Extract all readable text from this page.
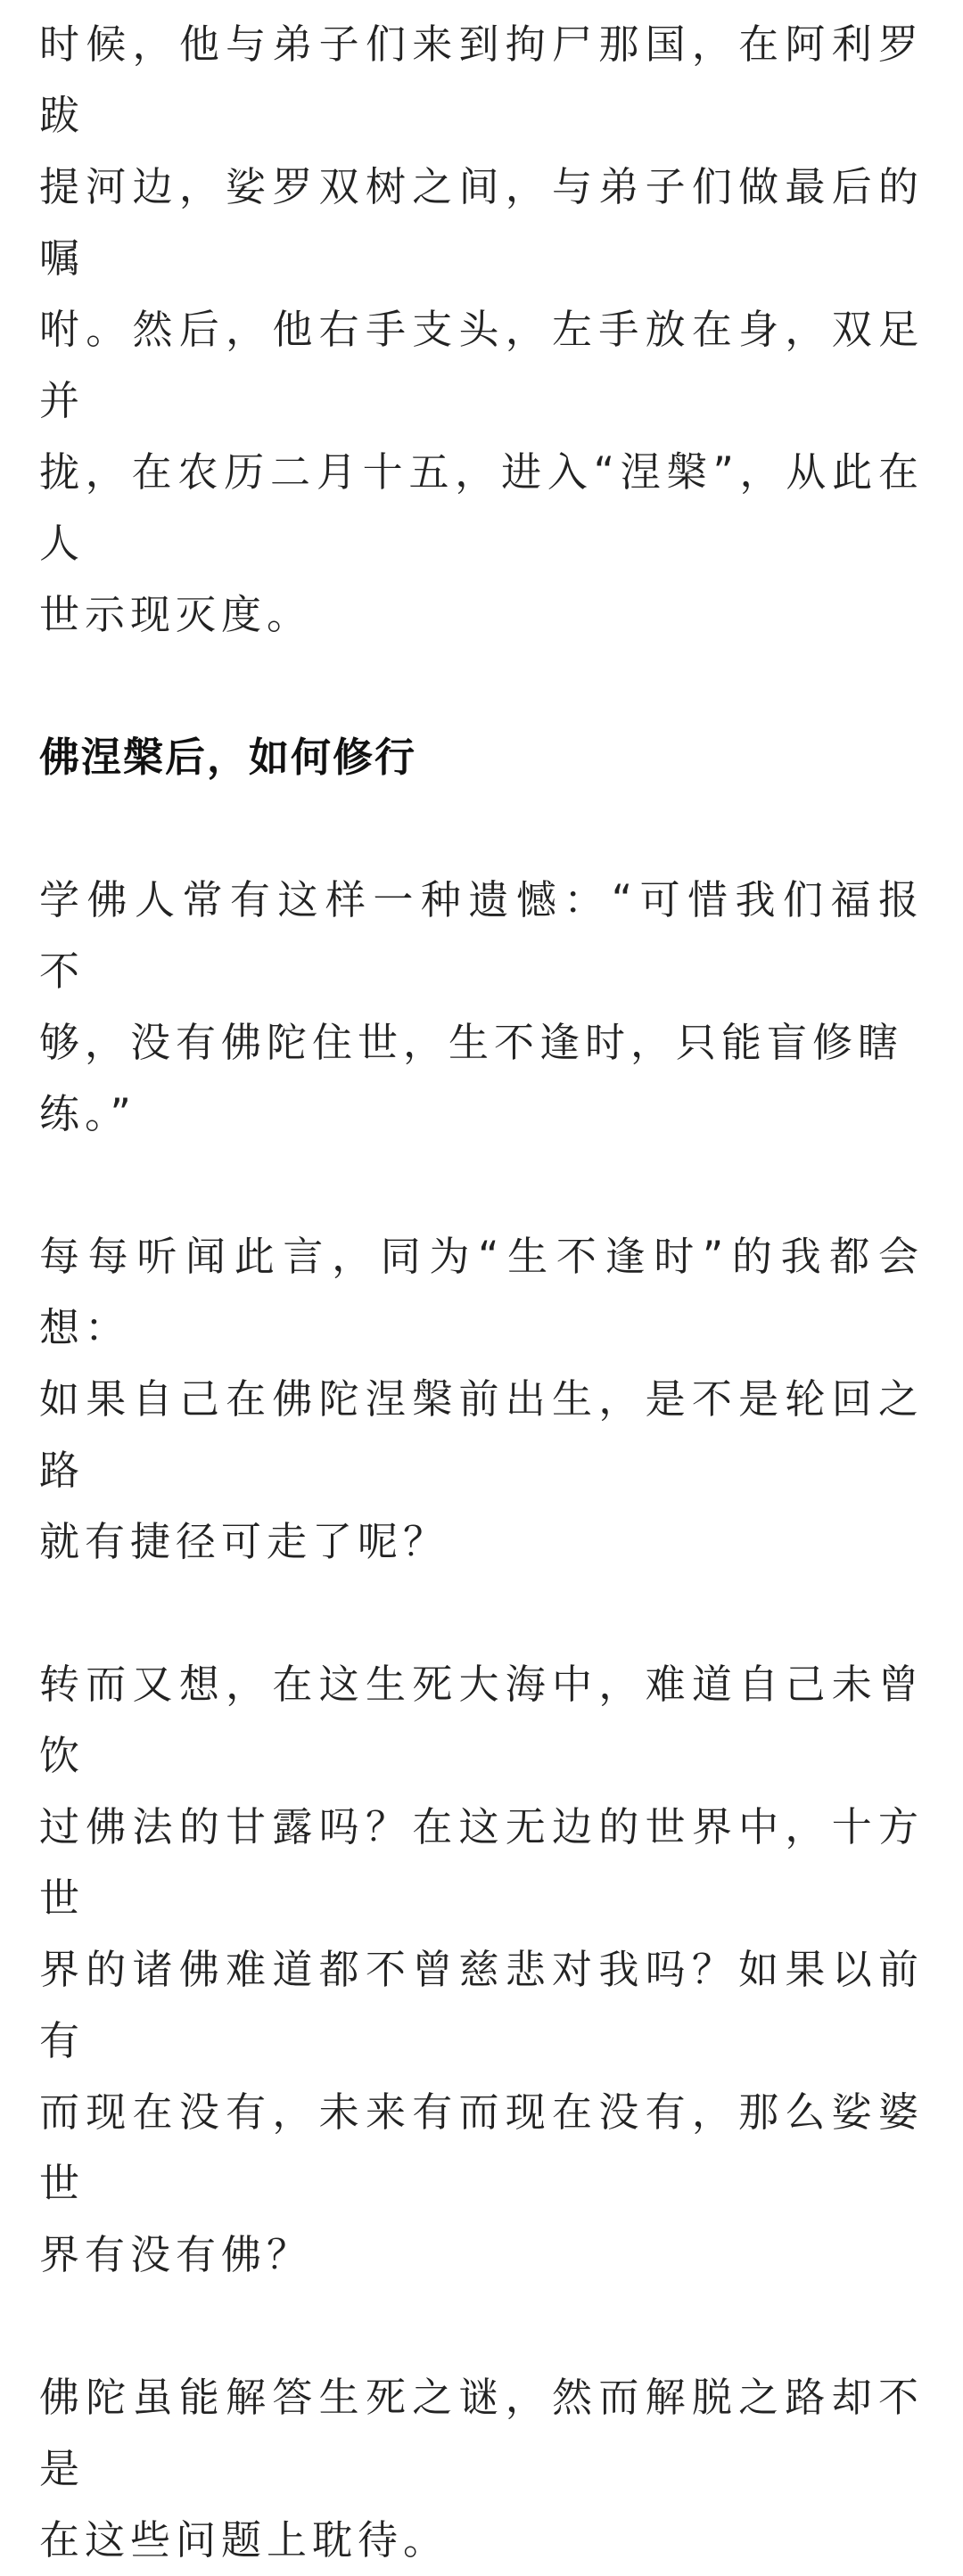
时候，他与弟子们来到拘尸那国，在阿利罗跋
提河边，娑罗双树之间，与弟子们做最后的嘱
咐。然后，他右手支头，左手放在身，双足并
拢，在农历二月十五，进入“涅槃”，从此在人
世示现灭度。

佛涅槃后，如何修行

学佛人常有这样一种遗憾：“可惜我们福报不
够，没有佛陀住世，生不逢时，只能盲修瞎
练。”

每每听闻此言，同为“生不逢时”的我都会想：
如果自己在佛陀涅槃前出生，是不是轮回之路
就有捷径可走了呢？

转而又想，在这生死大海中，难道自己未曾饮
过佛法的甘露吗？在这无边的世界中，十方世
界的诸佛难道都不曾慈悲对我吗？如果以前有
而现在没有，未来有而现在没有，那么娑婆世
界有没有佛？

佛陀虽能解答生死之谜，然而解脱之路却不是
在这些问题上耽待。
